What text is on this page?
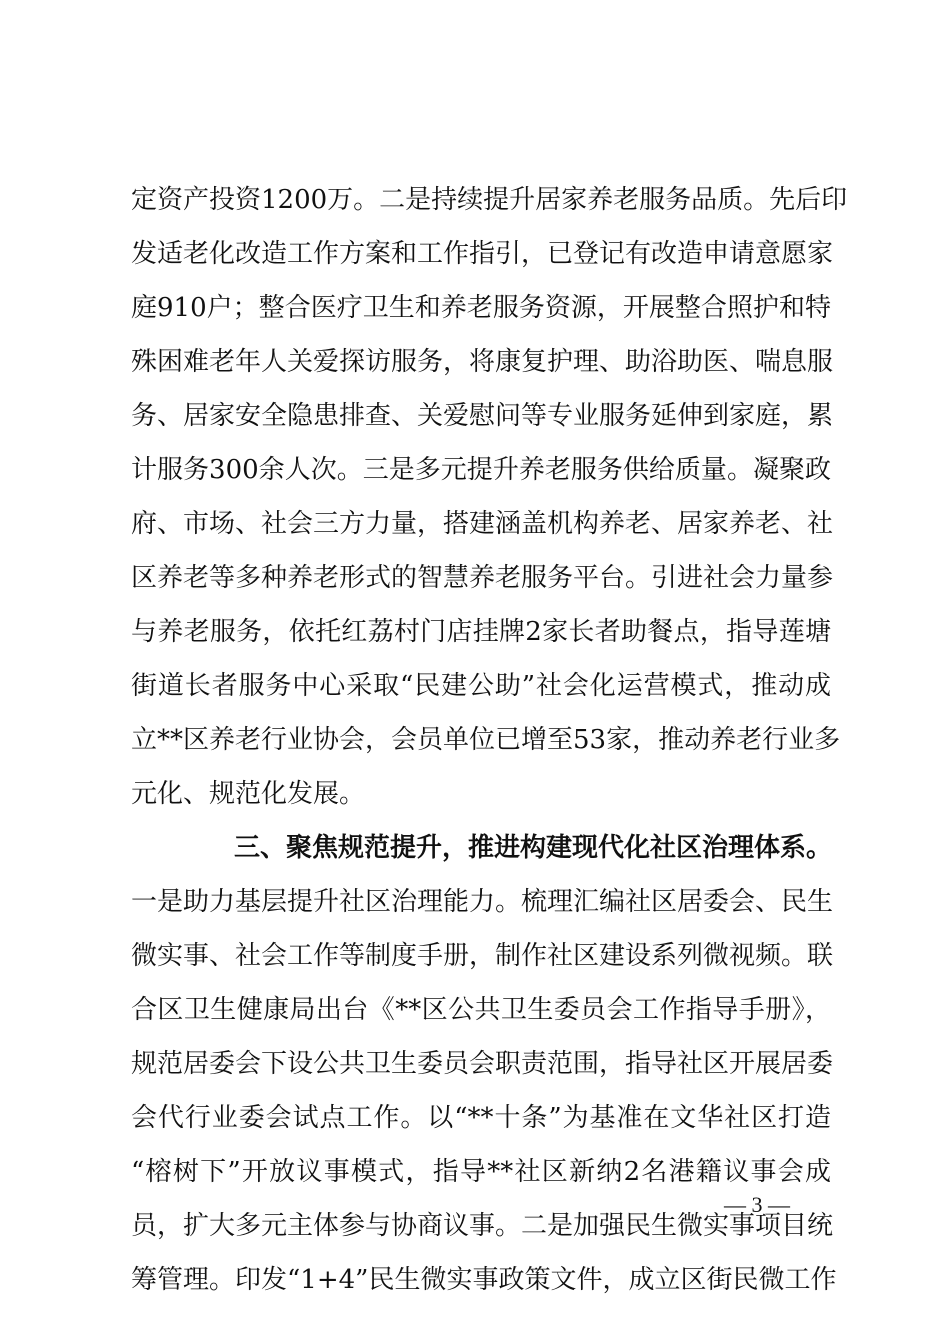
定资产投资1200万。二是持续提升居家养老服务品质。先后印
发适老化改造工作方案和工作指引，已登记有改造申请意愿家
庭910户；整合医疗卫生和养老服务资源，开展整合照护和特
殊困难老年人关爱探访服务，将康复护理、助浴助医、喘息服
务、居家安全隐患排查、关爱慰问等专业服务延伸到家庭，累
计服务300余人次。三是多元提升养老服务供给质量。凝聚政
府、市场、社会三方力量，搭建涵盖机构养老、居家养老、社
区养老等多种养老形式的智慧养老服务平台。引进社会力量参
与养老服务，依托红荔村门店挂牌2家长者助餐点，指导莲塘
街道长者服务中心采取“民建公助”社会化运营模式，推动成
立**区养老行业协会，会员单位已增至53家，推动养老行业多
元化、规范化发展。
三、聚焦规范提升，推进构建现代化社区治理体系。
一是助力基层提升社区治理能力。梳理汇编社区居委会、民生
微实事、社会工作等制度手册，制作社区建设系列微视频。联
合区卫生健康局出台《**区公共卫生委员会工作指导手册》，
规范居委会下设公共卫生委员会职责范围，指导社区开展居委
会代行业委会试点工作。以“**十条”为基准在文华社区打造
“榕树下”开放议事模式，指导**社区新纳2名港籍议事会成
员，扩大多元主体参与协商议事。二是加强民生微实事项目统
筹管理。印发“1+4”民生微实事政策文件，成立区街民微工作
— 3 —
